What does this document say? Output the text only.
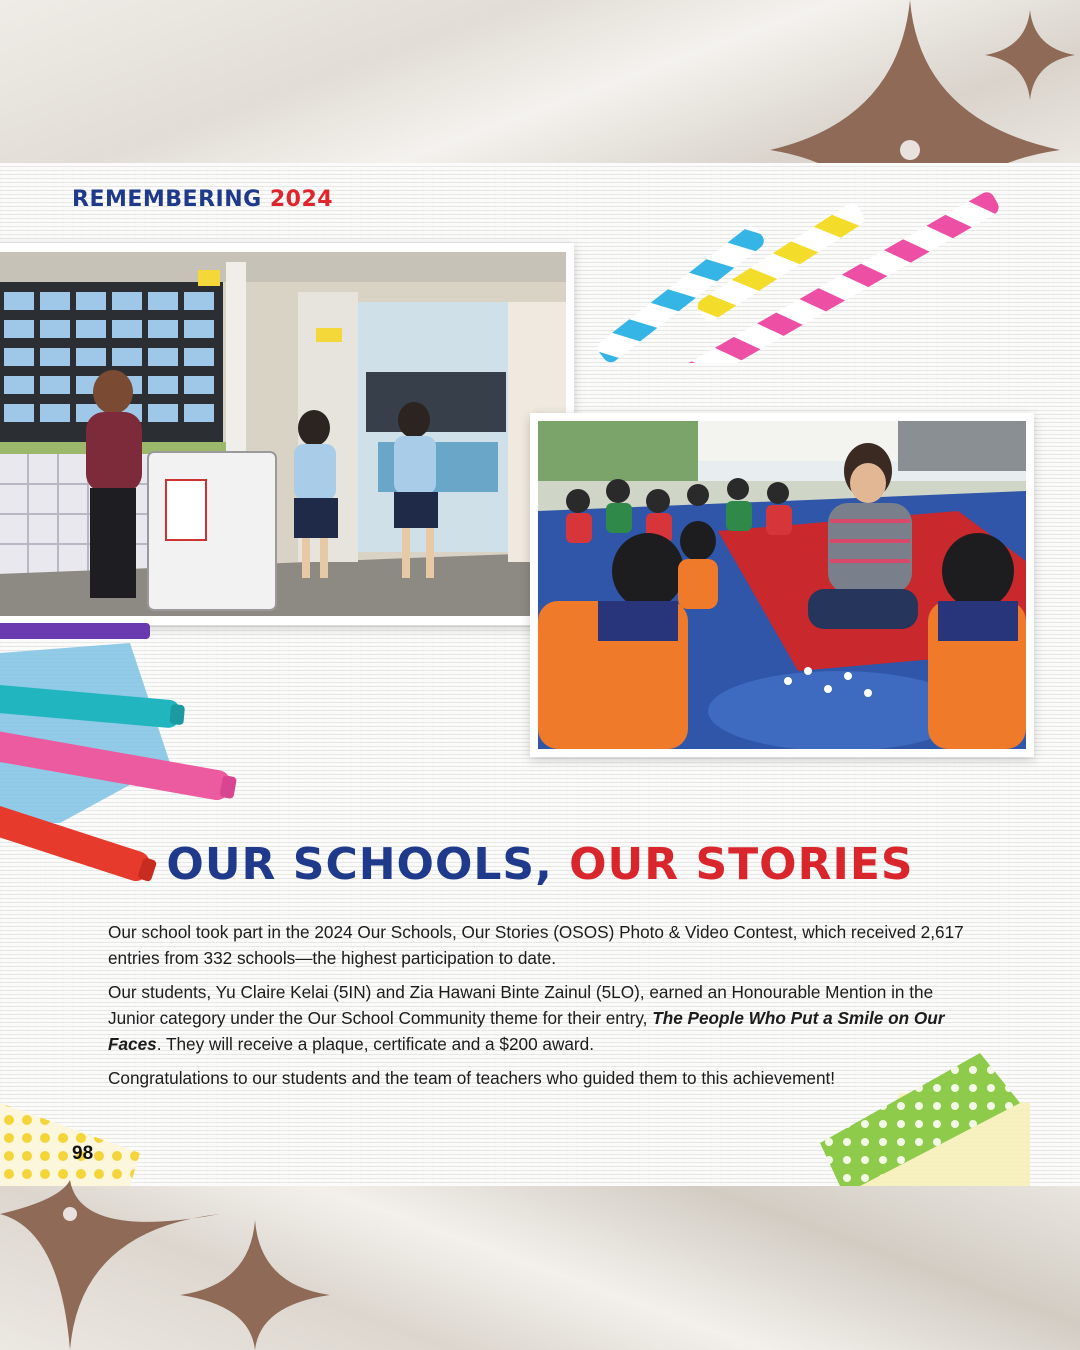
REMEMBERING 2024
OUR SCHOOLS, OUR STORIES

Our school took part in the 2024 Our Schools, Our Stories (OSOS) Photo & Video Contest, which received 2,617 entries from 332 schools—the highest participation to date.

Our students, Yu Claire Kelai (5IN) and Zia Hawani Binte Zainul (5LO), earned an Honourable Mention in the Junior category under the Our School Community theme for their entry, The People Who Put a Smile on Our Faces. They will receive a plaque, certificate and a $200 award.

Congratulations to our students and the team of teachers who guided them to this achievement!

98
